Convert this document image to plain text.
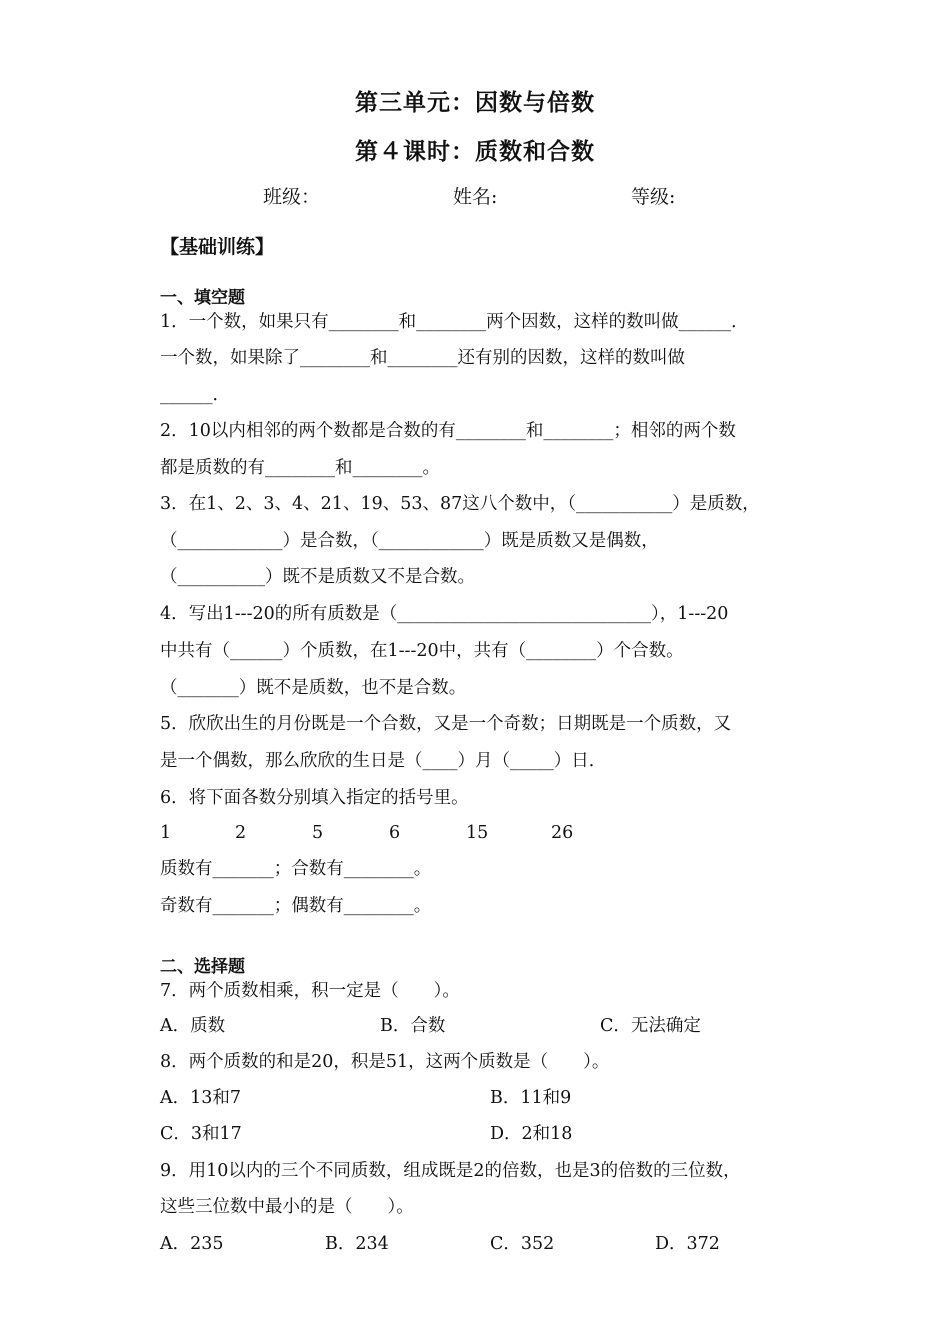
第三单元：因数与倍数
第４课时：质数和合数
班级：	姓名:	等级:
【基础训练】
一、填空题
1．一个数，如果只有________和________两个因数，这样的数叫做______．
一个数，如果除了________和________还有别的因数，这样的数叫做
______．
2．10以内相邻的两个数都是合数的有________和________；相邻的两个数
都是质数的有________和________。
3．在1、2、3、4、21、19、53、87这八个数中，（___________）是质数，
（____________）是合数，（____________）既是质数又是偶数，
（__________）既不是质数又不是合数。
4．写出1---20的所有质数是（_____________________________），1---20
中共有（______）个质数，在1---20中，共有（________）个合数。
（_______）既不是质数，也不是合数。
5．欣欣出生的月份既是一个合数，又是一个奇数；日期既是一个质数，又
是一个偶数，那么欣欣的生日是（____）月（_____）日．
6．将下面各数分别填入指定的括号里。
1	2	5	6	15	26
质数有_______；合数有________。
奇数有_______；偶数有________。
二、选择题
7．两个质数相乘，积一定是（　　）。
A．质数	B．合数	C．无法确定
8．两个质数的和是20，积是51，这两个质数是（　　）。
A．13和7	B．11和9
C．3和17	D．2和18
9．用10以内的三个不同质数，组成既是2的倍数，也是3的倍数的三位数，
这些三位数中最小的是（　　）。
A．235	B．234	C．352	D．372
